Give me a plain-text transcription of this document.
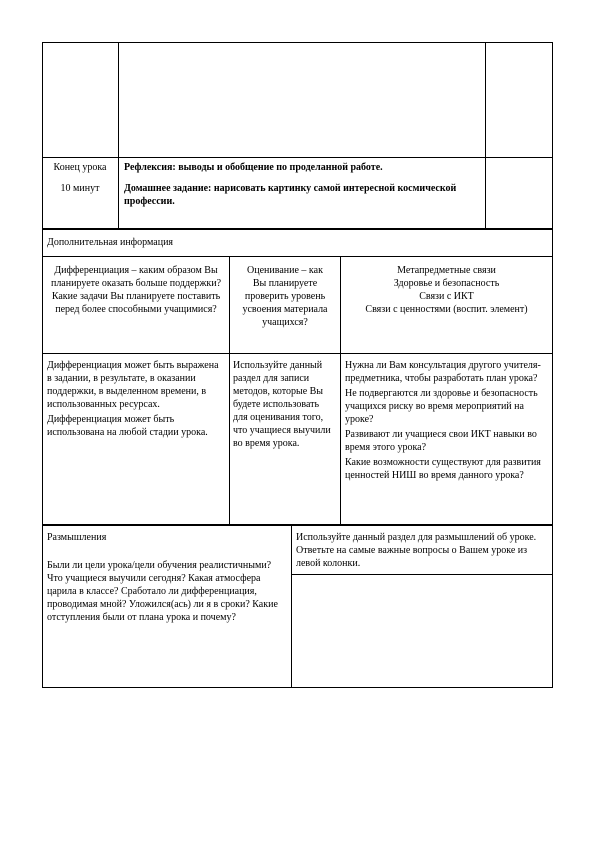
Конец урока
10 минут
Рефлексия: выводы и обобщение по проделанной работе.
Домашнее задание: нарисовать картинку самой интересной космической профессии.
Дополнительная информация
Дифференциация – каким образом Вы планируете оказать больше поддержки? Какие задачи Вы планируете поставить перед более способными учащимися?
Оценивание – как Вы планируете проверить уровень усвоения материала учащихся?
Метапредметные связи
Здоровье и безопасность
Связи с ИКТ
Связи с ценностями (воспит. элемент)

Дифференциация может быть выражена в задании, в результате, в оказании поддержки, в выделенном времени, в использованных ресурсах.

Дифференциация может быть использована на любой стадии урока.

Используйте данный раздел для записи методов, которые Вы будете использовать для оценивания того, что учащиеся выучили во время урока.

Нужна ли Вам консультация другого учителя-предметника, чтобы разработать план урока?

Не подвергаются ли здоровье и безопасность учащихся риску во время мероприятий на уроке?

Развивают ли учащиеся свои ИКТ навыки во время этого урока?

Какие возможности существуют для развития ценностей НИШ во время данного урока?

Размышления
Были ли цели урока/цели обучения реалистичными? Что учащиеся выучили сегодня? Какая атмосфера царила в классе? Сработало ли дифференциация, проводимая мной? Уложился(ась) ли я в сроки? Какие отступления были от плана урока и почему?
Используйте данный раздел для размышлений об уроке. Ответьте на самые важные вопросы о Вашем уроке из левой колонки.
